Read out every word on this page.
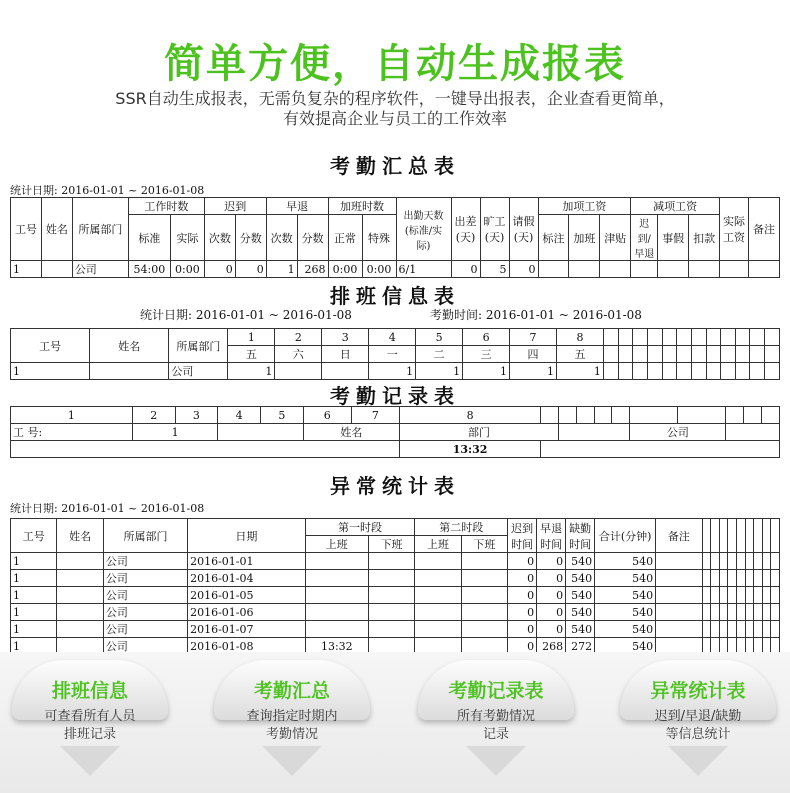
简单方便，自动生成报表
SSR自动生成报表，无需负复杂的程序软件，一键导出报表，企业查看更简单，
有效提高企业与员工的工作效率
考勤汇总表
统计日期: 2016-01-01 ~ 2016-01-08
工号	姓名	所属部门	工作时数		迟到		早退		加班时数		出勤天数(标准/实际)	出差(天)	旷工(天)	请假(天)	加项工资			减项工资			实际工资	备注
			标准	实际	次数	分数	次数	分数	正常	特殊					标注	加班	津贴	迟到/早退	事假	扣款		
1		公司	54:00	0:00	0	0	1	268	0:00	0:00	6/1	0	5	0								
排班信息表
统计日期: 2016-01-01 ~ 2016-01-08	考勤时间: 2016-01-01 ~ 2016-01-08
工号	姓名	所属部门	1	2	3	4	5	6	7	8												
			五	六	日	一	二	三	四	五												
1		公司	1			1	1	1	1	1												
考勤记录表
1	2	3	4	5	6	7	8										
工 号:	1				姓名		部门						公司				
							13:32										
异常统计表
统计日期: 2016-01-01 ~ 2016-01-08
工号	姓名	所属部门	日期	第一时段		第二时段		迟到时间	早退时间	缺勤时间	合计(分钟)	备注									
				上班	下班	上班	下班														
1		公司	2016-01-01					0	0	540	540										
1		公司	2016-01-04					0	0	540	540										
1		公司	2016-01-05					0	0	540	540										
1		公司	2016-01-06					0	0	540	540										
1		公司	2016-01-07					0	0	540	540										
1		公司	2016-01-08	13:32				0	268	272	540										
排班信息
可查看所有人员
排班记录
考勤汇总
查询指定时期内
考勤情况
考勤记录表
所有考勤情况
记录
异常统计表
迟到/早退/缺勤
等信息统计
